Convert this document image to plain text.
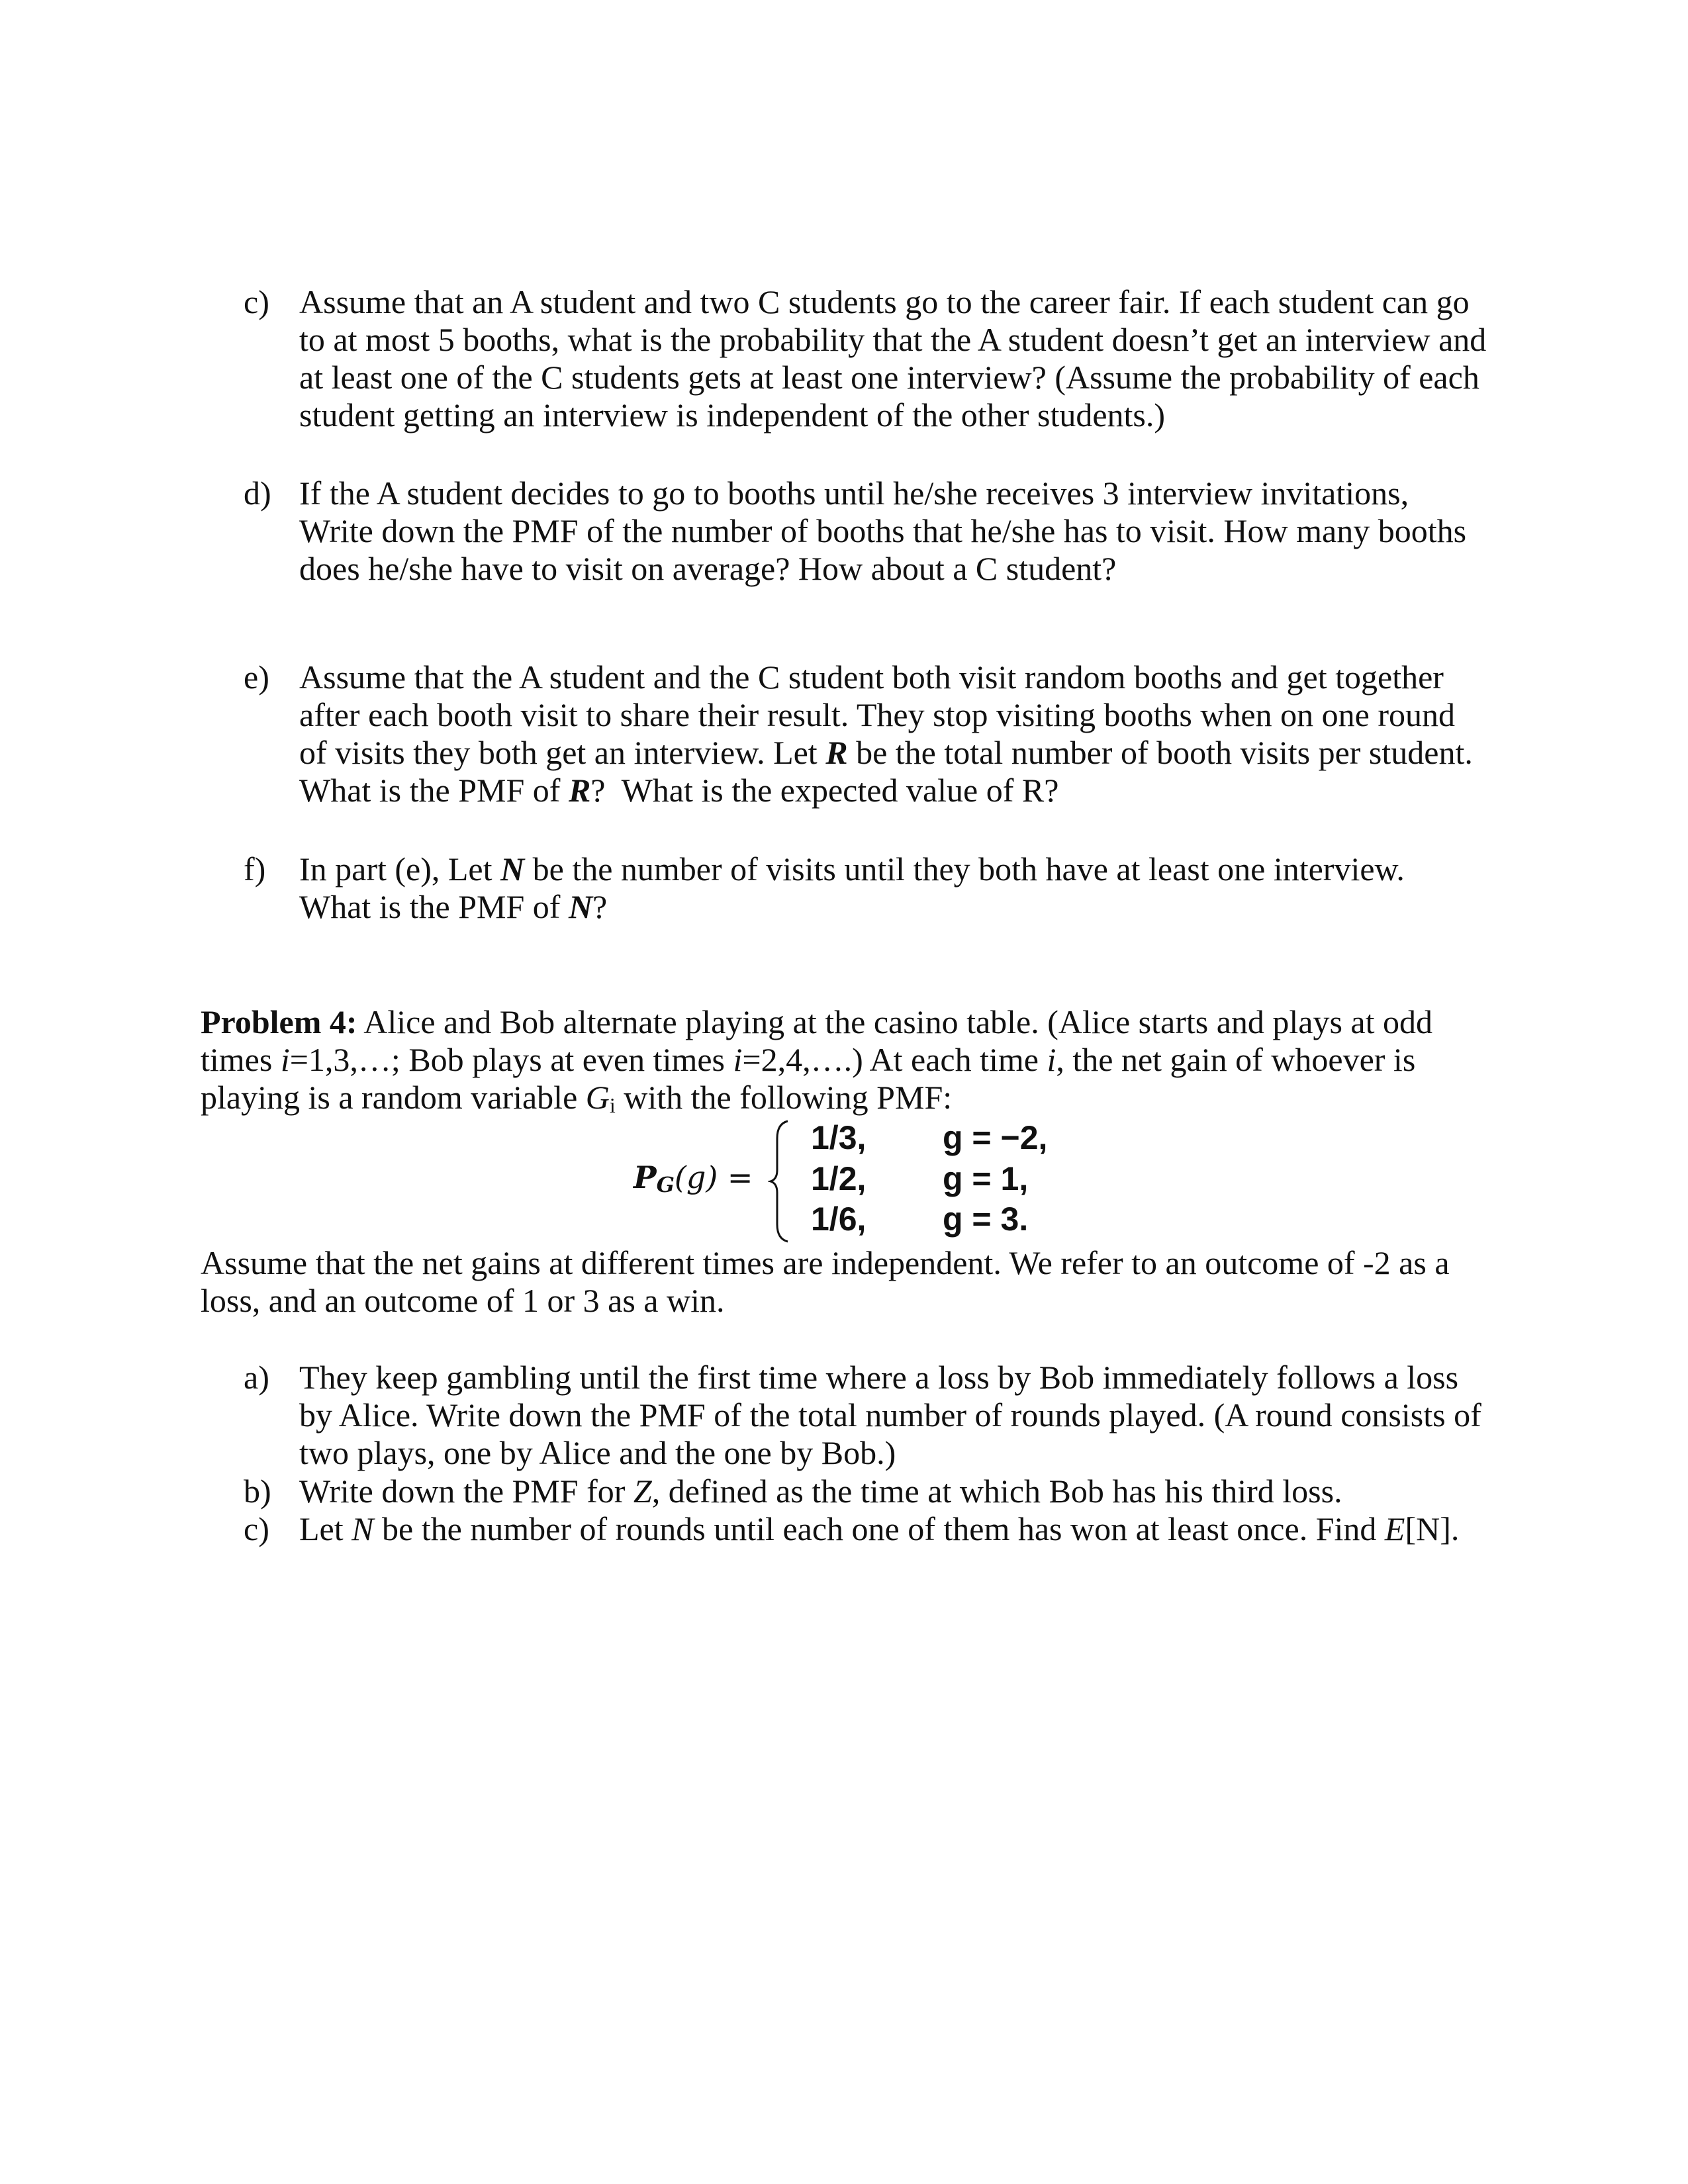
c) Assume that an A student and two C students go to the career fair. If each student can go
to at most 5 booths, what is the probability that the A student doesn’t get an interview and
at least one of the C students gets at least one interview? (Assume the probability of each
student getting an interview is independent of the other students.)
d) If the A student decides to go to booths until he/she receives 3 interview invitations,
Write down the PMF of the number of booths that he/she has to visit. How many booths
does he/she have to visit on average? How about a C student?
e) Assume that the A student and the C student both visit random booths and get together
after each booth visit to share their result. They stop visiting booths when on one round
of visits they both get an interview. Let R be the total number of booth visits per student.
What is the PMF of R?  What is the expected value of R?
f) In part (e), Let N be the number of visits until they both have at least one interview.
What is the PMF of N?
Problem 4: Alice and Bob alternate playing at the casino table. (Alice starts and plays at odd
times i=1,3,…; Bob plays at even times i=2,4,….) At each time i, the net gain of whoever is
playing is a random variable Gi with the following PMF:
PG(g) =
1/3, g = −2,
1/2, g = 1,
1/6, g = 3.
Assume that the net gains at different times are independent. We refer to an outcome of -2 as a
loss, and an outcome of 1 or 3 as a win.
a) They keep gambling until the first time where a loss by Bob immediately follows a loss
by Alice. Write down the PMF of the total number of rounds played. (A round consists of
two plays, one by Alice and the one by Bob.)
b) Write down the PMF for Z, defined as the time at which Bob has his third loss.
c) Let N be the number of rounds until each one of them has won at least once. Find E[N].
